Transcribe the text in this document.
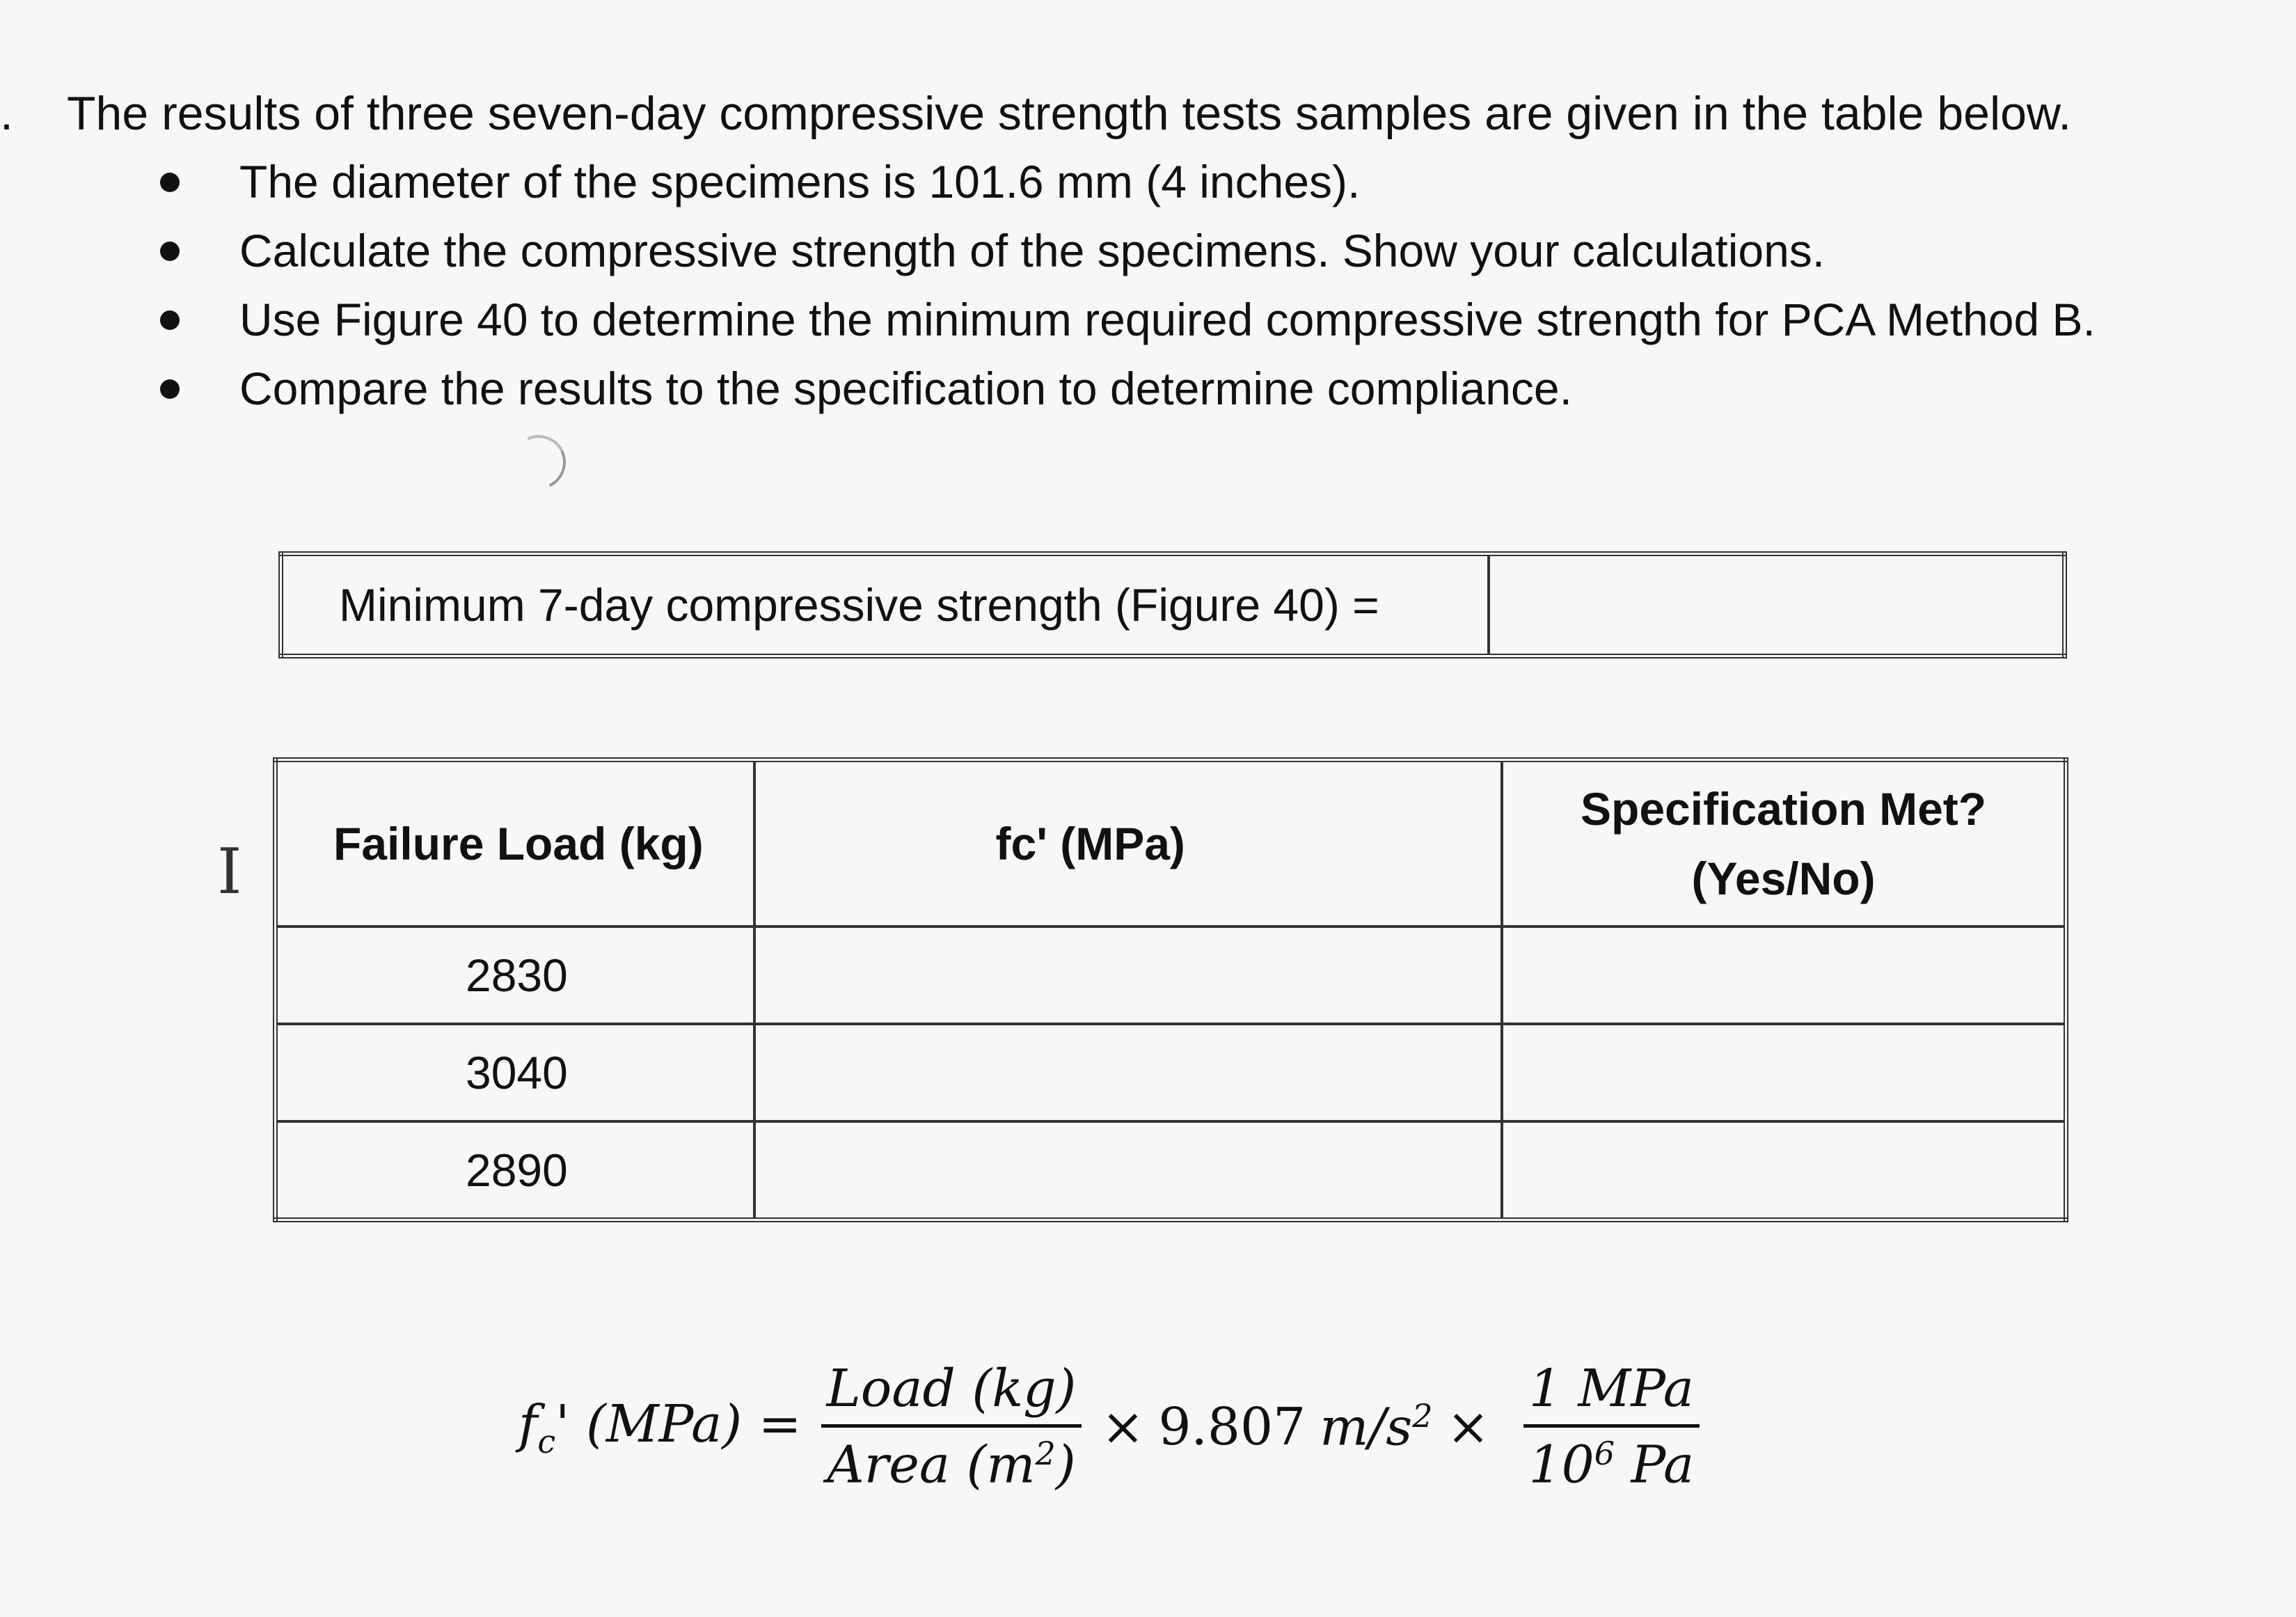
. The results of three seven-day compressive strength tests samples are given in the table below.
The diameter of the specimens is 101.6 mm (4 inches).
Calculate the compressive strength of the specimens. Show your calculations.
Use Figure 40 to determine the minimum required compressive strength for PCA Method B.
Compare the results to the specification to determine compliance.
Minimum 7-day compressive strength (Figure 40) =	
I Failure Load (kg)	fc' (MPa)	Specification Met?
(Yes/No)

2830		
3040		
2890		
$f_c'$ $(MPa) = \frac{\text{Load (kg)}}{Area (m^2)} \times 9.807$ $m/s^2 \times \frac{\text{1 MPa}}{10^6 Pa}$
